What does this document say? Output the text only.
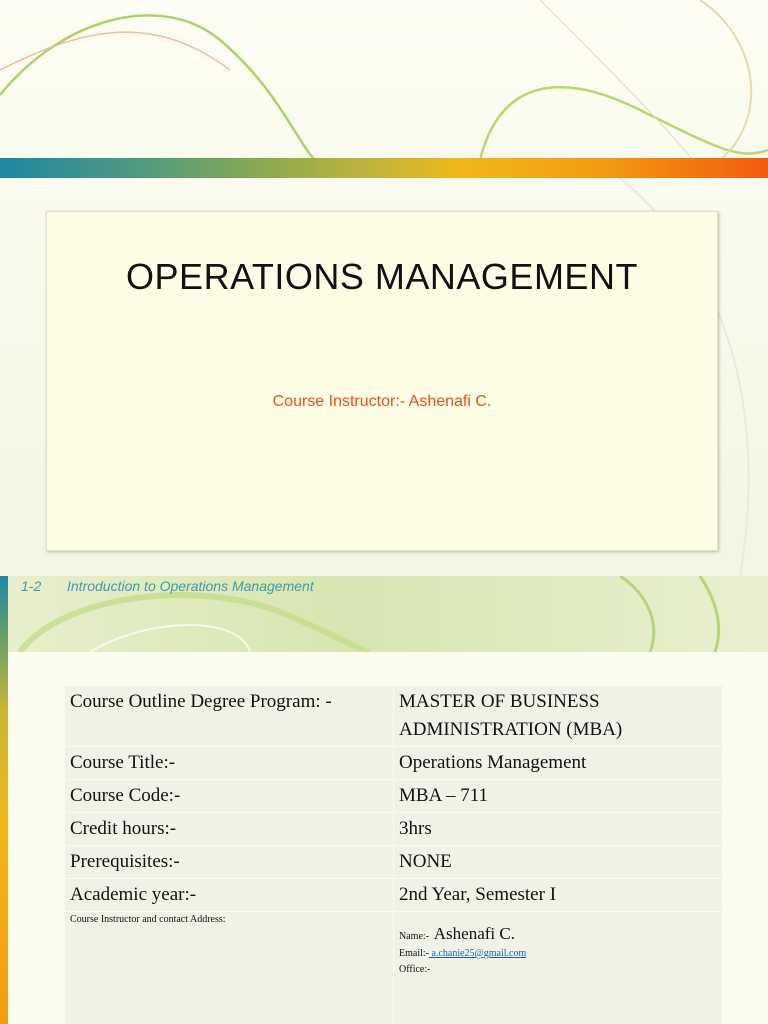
OPERATIONS MANAGEMENT
Course Instructor:- Ashenafi C.
1-2 Introduction to Operations Management
Course Outline Degree Program: -	MASTER OF BUSINESS ADMINISTRATION (MBA)
Course Title:-	Operations Management
Course Code:-	MBA – 711
Credit hours:-	3hrs
Prerequisites:-	NONE
Academic year:-	2nd Year, Semester I

Course Instructor and contact Address:	Name:- Ashenafi C.
Email:- a.chanie25@gmail.com
Office:-
